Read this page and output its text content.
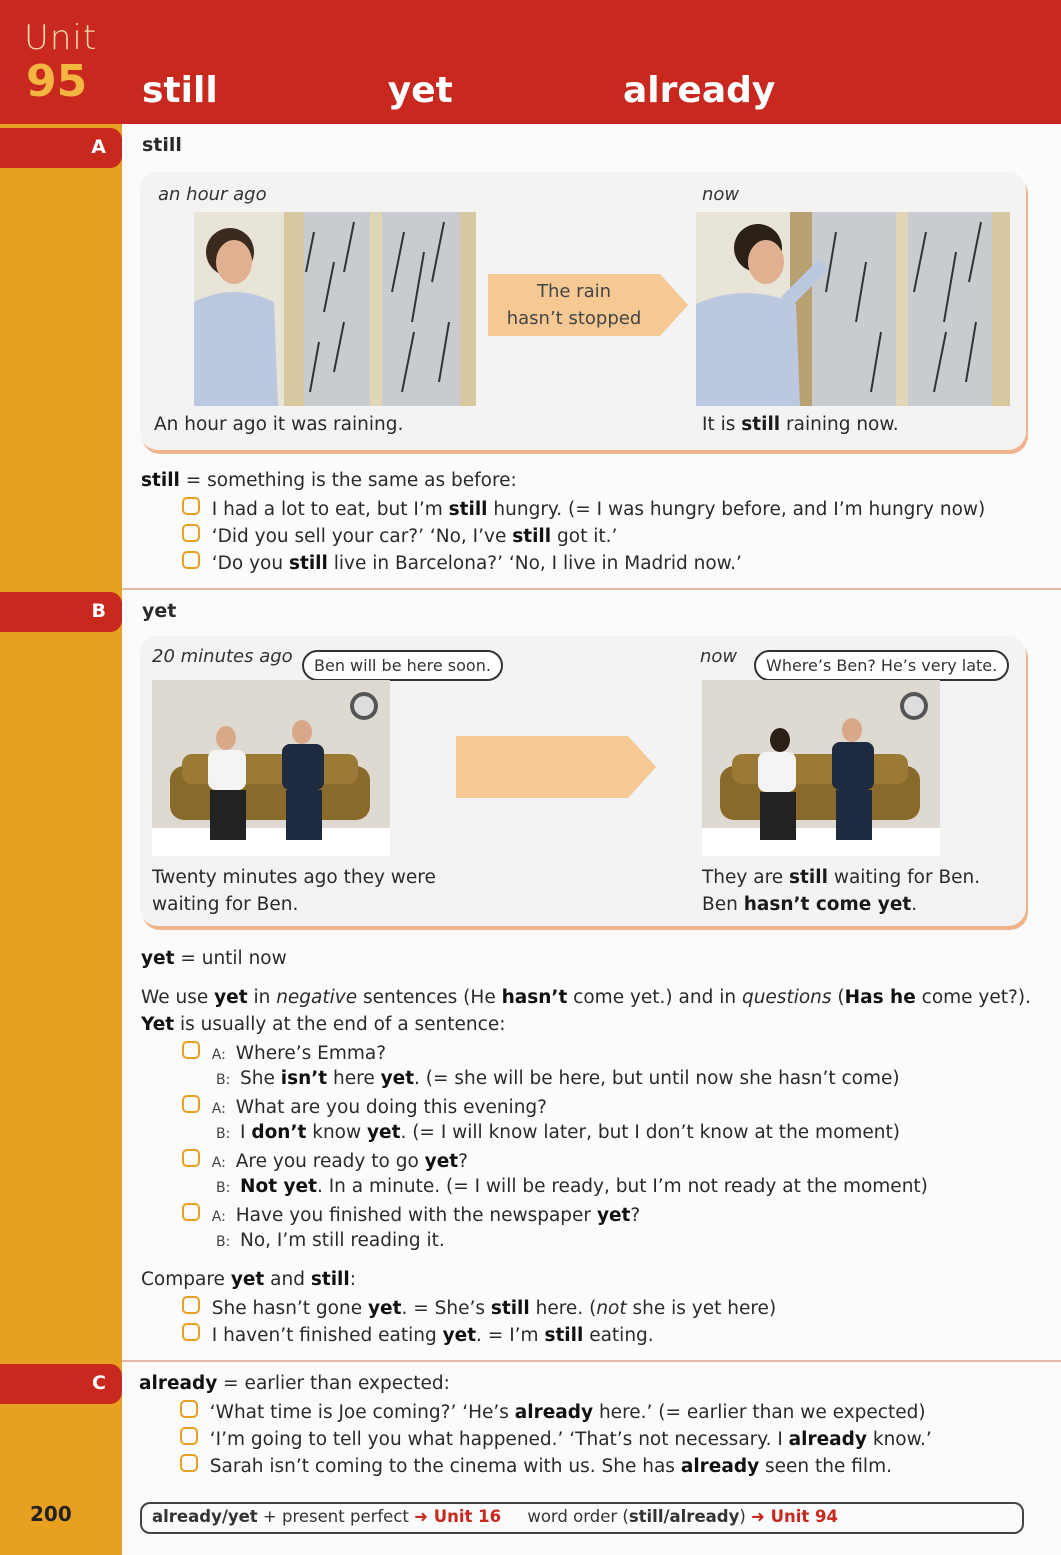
Unit
95 still    yet    already
A still
an hour ago	now
The rain
hasn’t stopped
An hour ago it was raining.	It is still raining now.
still = something is the same as before:
I had a lot to eat, but I’m still hungry. (= I was hungry before, and I’m hungry now)
‘Did you sell your car?’ ‘No, I’ve still got it.’
‘Do you still live in Barcelona?’ ‘No, I live in Madrid now.’
B yet
20 minutes ago	now
Ben will be here soon.	Where’s Ben? He’s very late.
Twenty minutes ago they were
waiting for Ben.
They are still waiting for Ben.
Ben hasn’t come yet.
yet = until now
We use yet in negative sentences (He hasn’t come yet.) and in questions (Has he come yet?).
Yet is usually at the end of a sentence:
A: Where’s Emma?
B: She isn’t here yet. (= she will be here, but until now she hasn’t come)
A: What are you doing this evening?
B: I don’t know yet. (= I will know later, but I don’t know at the moment)
A: Are you ready to go yet?
B: Not yet. In a minute. (= I will be ready, but I’m not ready at the moment)
A: Have you finished with the newspaper yet?
B: No, I’m still reading it.
Compare yet and still:
She hasn’t gone yet. = She’s still here. (not she is yet here)
I haven’t finished eating yet. = I’m still eating.
C already = earlier than expected:
‘What time is Joe coming?’ ‘He’s already here.’ (= earlier than we expected)
‘I’m going to tell you what happened.’ ‘That’s not necessary. I already know.’
Sarah isn’t coming to the cinema with us. She has already seen the film.
200	already/yet + present perfect ➜ Unit 16 word order (still/already) ➜ Unit 94
